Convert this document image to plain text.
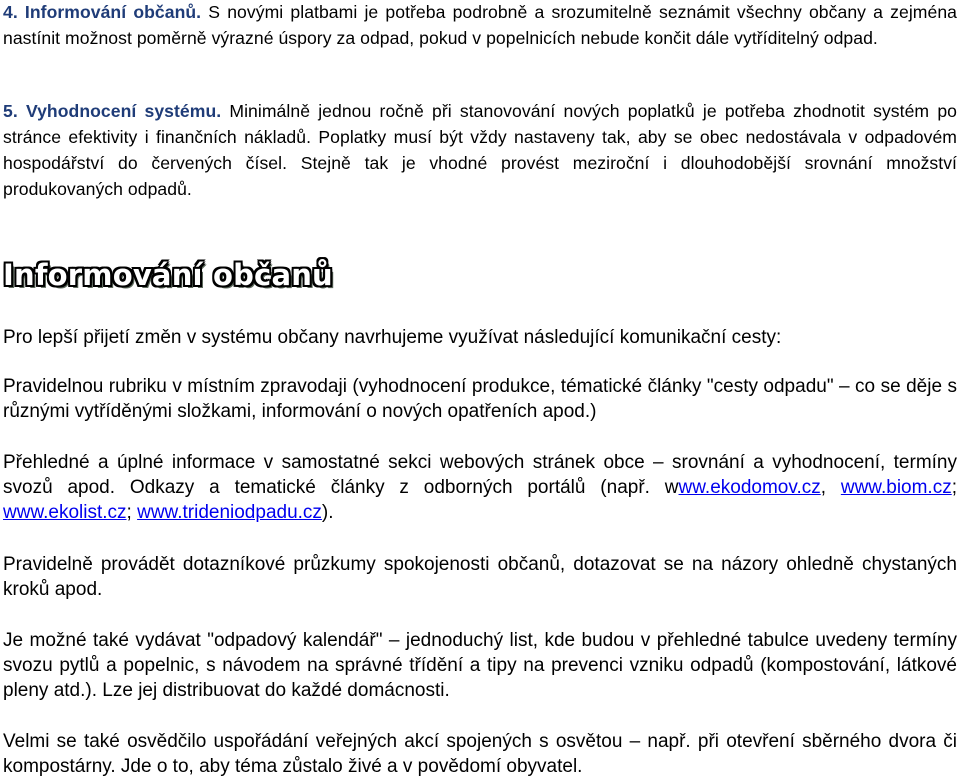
4. Informování občanů. S novými platbami je potřeba podrobně a srozumitelně seznámit všechny občany a zejména nastínit možnost poměrně výrazné úspory za odpad, pokud v popelnicích nebude končit dále vytříditelný odpad.

5. Vyhodnocení systému. Minimálně jednou ročně při stanovování nových poplatků je potřeba zhodnotit systém po stránce efektivity i finančních nákladů. Poplatky musí být vždy nastaveny tak, aby se obec nedostávala v odpadovém hospodářství do červených čísel. Stejně tak je vhodné provést meziroční i dlouhodobější srovnání množství produkovaných odpadů.

Informování občanů

Pro lepší přijetí změn v systému občany navrhujeme využívat následující komunikační cesty:

Pravidelnou rubriku v místním zpravodaji (vyhodnocení produkce, tématické články "cesty odpadu" – co se děje s různými vytříděnými složkami, informování o nových opatřeních apod.)

Přehledné a úplné informace v samostatné sekci webových stránek obce – srovnání a vyhodnocení, termíny svozů apod. Odkazy a tematické články z odborných portálů (např. www.ekodomov.cz, www.biom.cz; www.ekolist.cz; www.trideniodpadu.cz).

Pravidelně provádět dotazníkové průzkumy spokojenosti občanů, dotazovat se na názory ohledně chystaných kroků apod.

Je možné také vydávat "odpadový kalendář" – jednoduchý list, kde budou v přehledné tabulce uvedeny termíny svozu pytlů a popelnic, s návodem na správné třídění a tipy na prevenci vzniku odpadů (kompostování, látkové pleny atd.). Lze jej distribuovat do každé domácnosti.

Velmi se také osvědčilo uspořádání veřejných akcí spojených s osvětou – např. při otevření sběrného dvora či kompostárny. Jde o to, aby téma zůstalo živé a v povědomí obyvatel.
